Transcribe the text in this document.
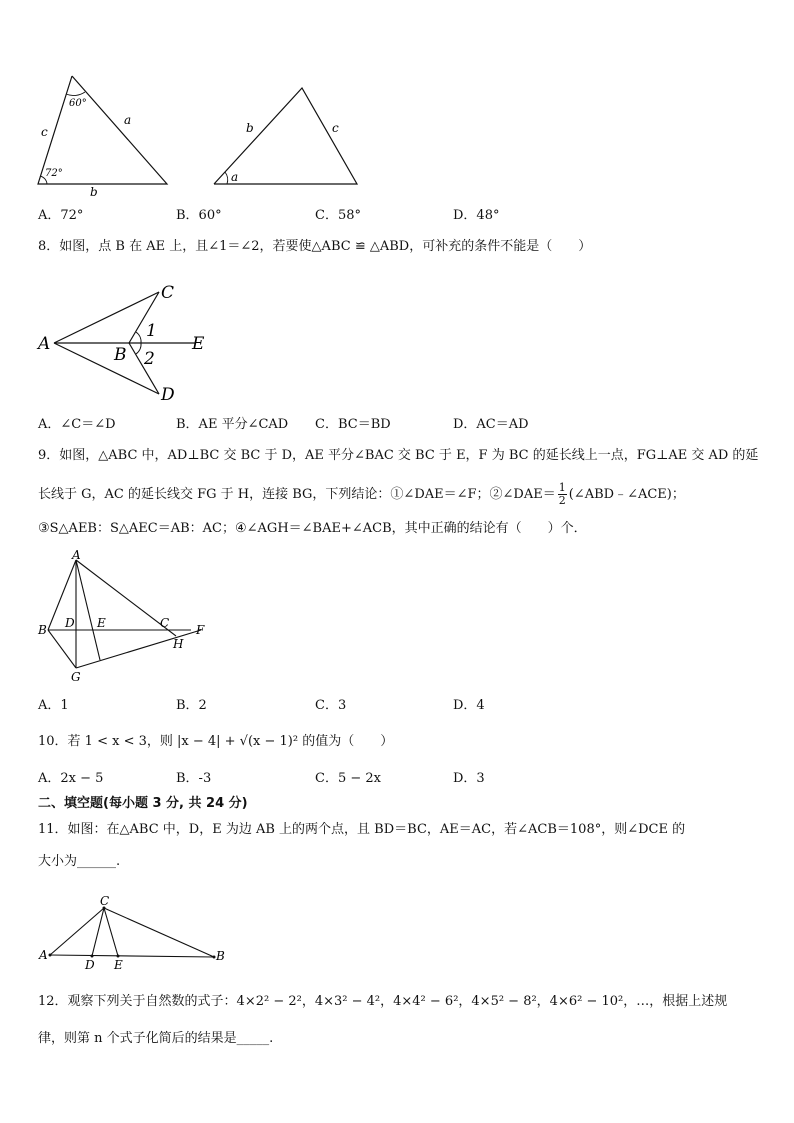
60°
72°
a
c
b
b	c
a
A．72°	B．60°	C．58°	D．48°
8．如图，点 B 在 AE 上，且∠1＝∠2，若要使△ABC ≌ △ABD，可补充的条件不能是（　　）
A
C
D
B
E
1
2
A．∠C＝∠D	B．AE 平分∠CAD C．BC＝BD	D．AC＝AD
9．如图，△ABC 中，AD⊥BC 交 BC 于 D，AE 平分∠BAC 交 BC 于 E，F 为 BC 的延长线上一点，FG⊥AE 交 AD 的延
长线于 G，AC 的延长线交 FG 于 H，连接 BG，下列结论：①∠DAE＝∠F；②∠DAE＝ $\frac{1}{2}$ (∠ABD﹣∠ACE)；
③S△AEB：S△AEC＝AB：AC；④∠AGH＝∠BAE+∠ACB，其中正确的结论有（　　）个．
A
B D E	C F
H
G
A．1	B．2	C．3	D．4
10．若 1 < x < 3，则 |x − 4| + √(x − 1)² 的值为（　　）
A．2x − 5	B．-3	C．5 − 2x	D．3
二、填空题(每小题 3 分, 共 24 分)
11．如图：在△ABC 中，D，E 为边 AB 上的两个点，且 BD＝BC，AE＝AC，若∠ACB＝108°，则∠DCE 的
大小为______.
C
A
D E
B
12．观察下列关于自然数的式子：4×2² − 2²，4×3² − 4²，4×4² − 6²，4×5² − 8²，4×6² − 10²，…，根据上述规
律，则第 n 个式子化简后的结果是_____.
